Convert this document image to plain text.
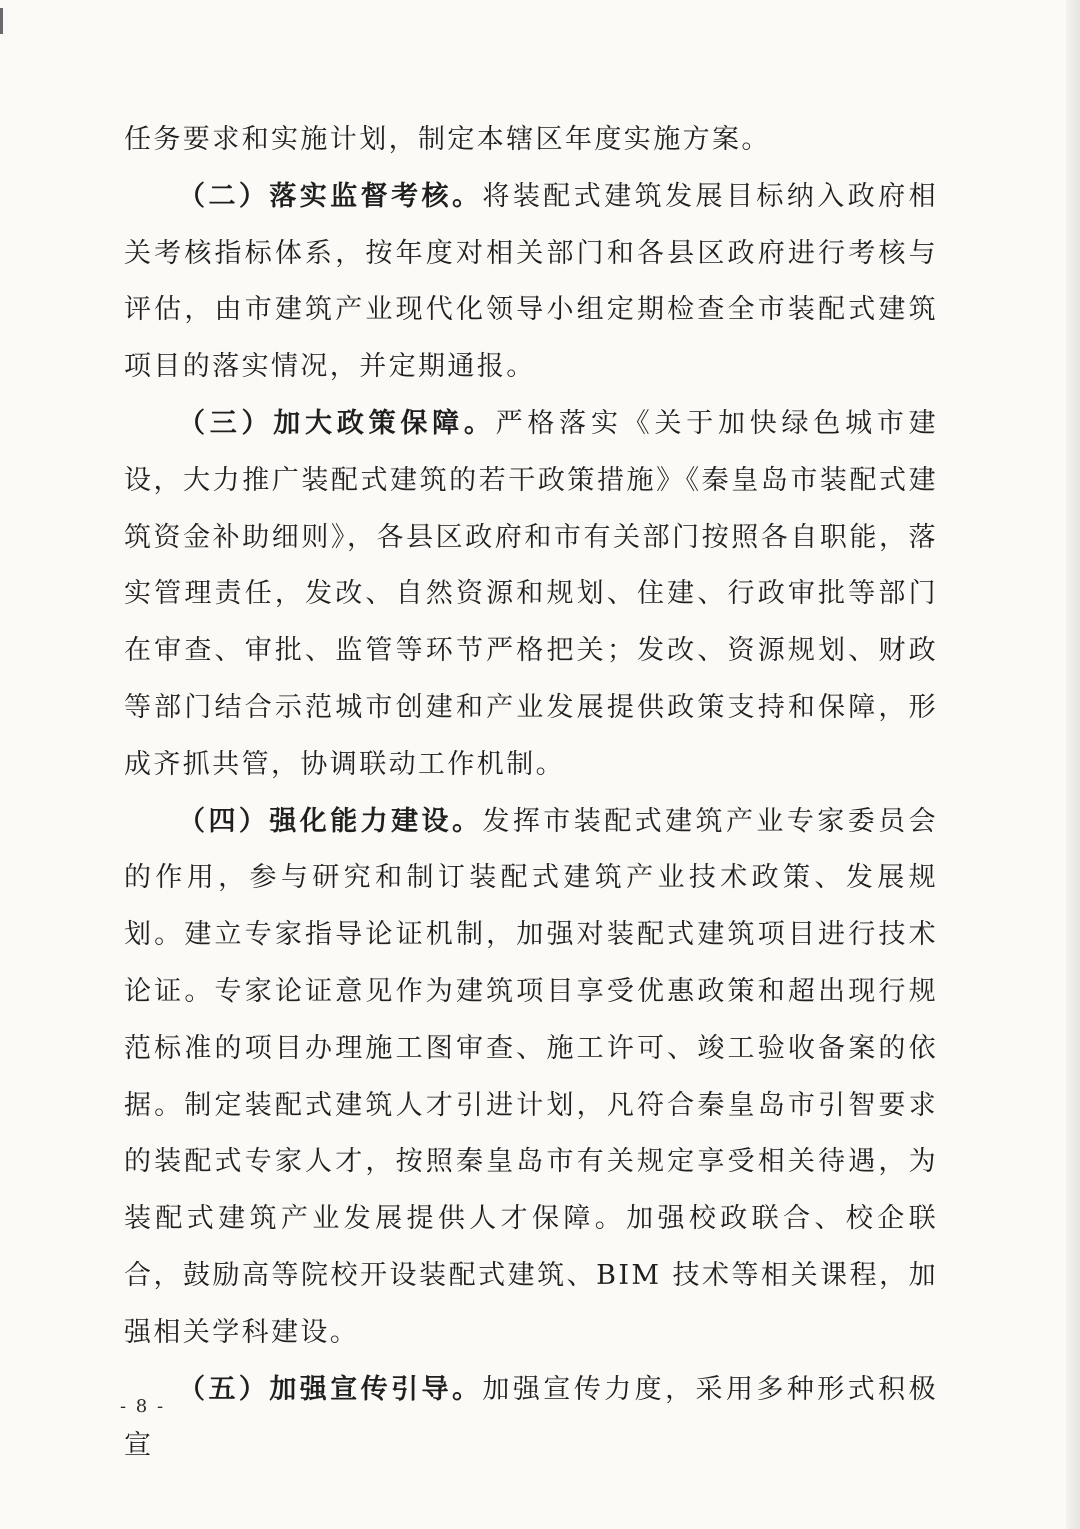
任务要求和实施计划，制定本辖区年度实施方案。

（二）落实监督考核。将装配式建筑发展目标纳入政府相关考核指标体系，按年度对相关部门和各县区政府进行考核与评估，由市建筑产业现代化领导小组定期检查全市装配式建筑项目的落实情况，并定期通报。

（三）加大政策保障。严格落实《关于加快绿色城市建设，大力推广装配式建筑的若干政策措施》《秦皇岛市装配式建筑资金补助细则》，各县区政府和市有关部门按照各自职能，落实管理责任，发改、自然资源和规划、住建、行政审批等部门在审查、审批、监管等环节严格把关；发改、资源规划、财政等部门结合示范城市创建和产业发展提供政策支持和保障，形成齐抓共管，协调联动工作机制。

（四）强化能力建设。发挥市装配式建筑产业专家委员会的作用，参与研究和制订装配式建筑产业技术政策、发展规划。建立专家指导论证机制，加强对装配式建筑项目进行技术论证。专家论证意见作为建筑项目享受优惠政策和超出现行规范标准的项目办理施工图审查、施工许可、竣工验收备案的依据。制定装配式建筑人才引进计划，凡符合秦皇岛市引智要求的装配式专家人才，按照秦皇岛市有关规定享受相关待遇，为装配式建筑产业发展提供人才保障。加强校政联合、校企联合，鼓励高等院校开设装配式建筑、BIM 技术等相关课程，加强相关学科建设。

（五）加强宣传引导。加强宣传力度，采用多种形式积极宣

- 8 -
